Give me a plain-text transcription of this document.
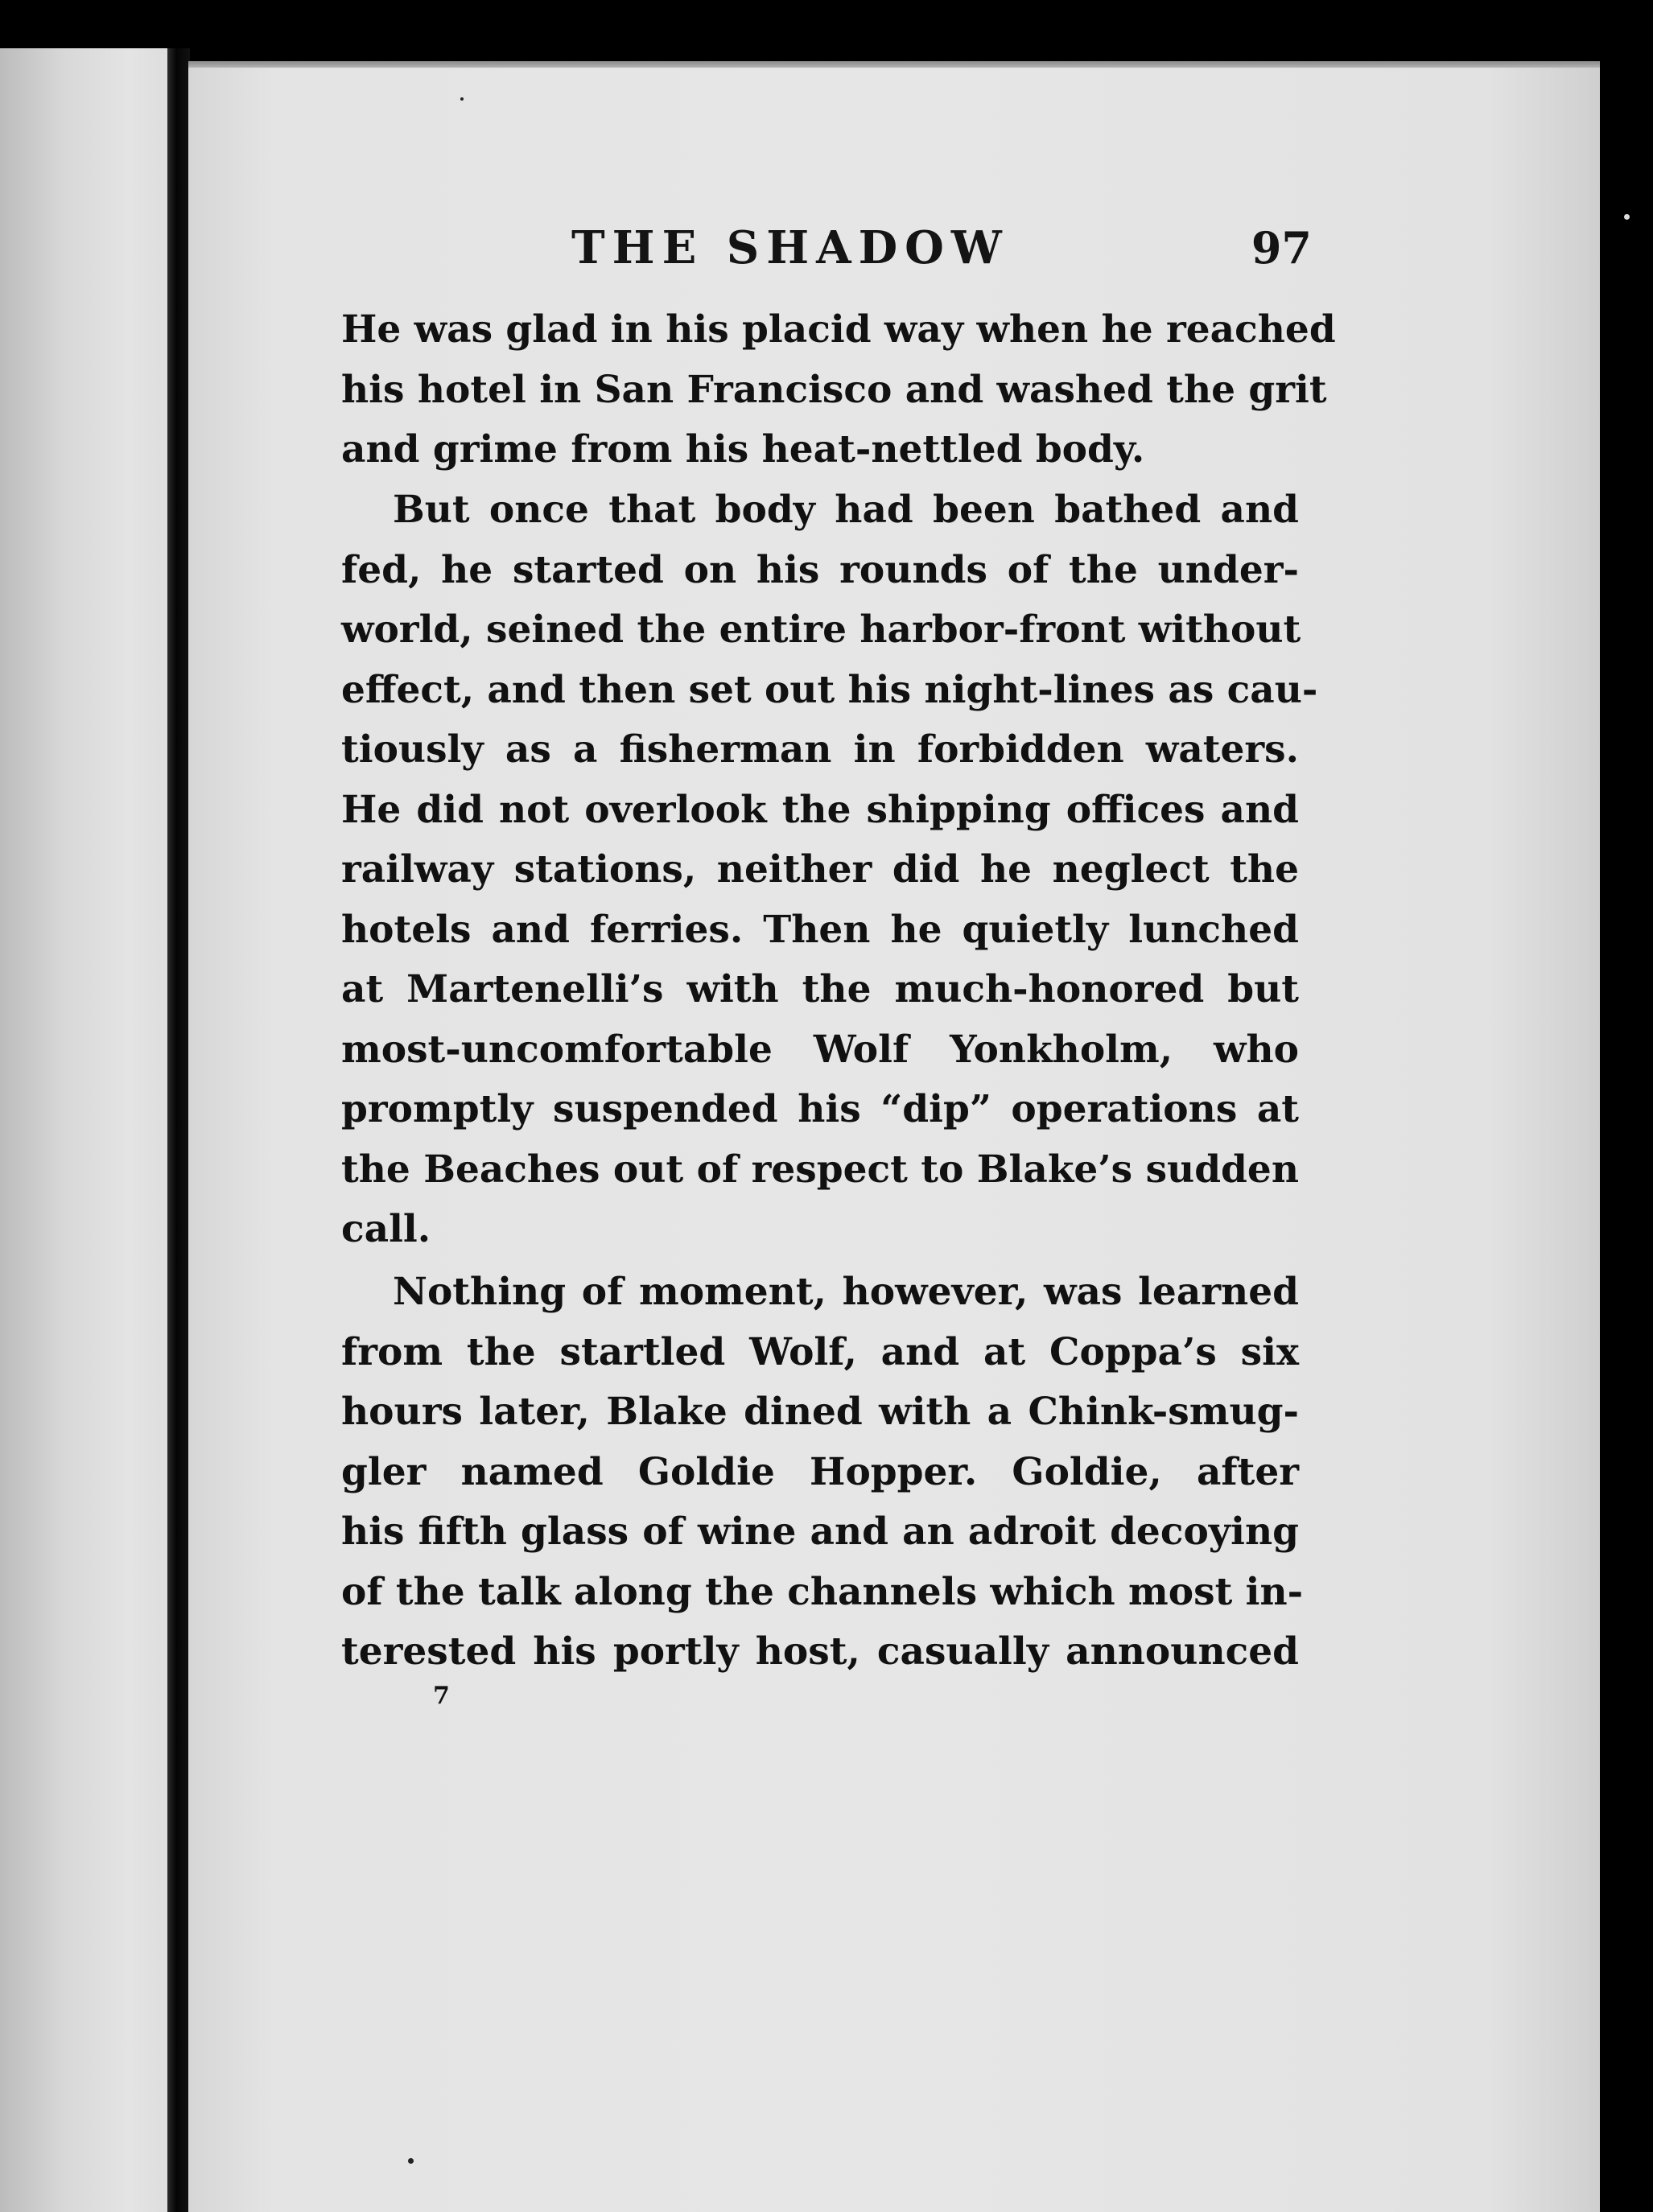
THE SHADOW	97
He was glad in his placid way when he reached
his hotel in San Francisco and washed the grit
and grime from his heat-nettled body.
But once that body had been bathed and
fed, he started on his rounds of the under-
world, seined the entire harbor-front without
effect, and then set out his night-lines as cau-
tiously as a fisherman in forbidden waters.
He did not overlook the shipping offices and
railway stations, neither did he neglect the
hotels and ferries. Then he quietly lunched
at Martenelli’s with the much-honored but
most-uncomfortable Wolf Yonkholm, who
promptly suspended his “dip” operations at
the Beaches out of respect to Blake’s sudden
call.
Nothing of moment, however, was learned
from the startled Wolf, and at Coppa’s six
hours later, Blake dined with a Chink-smug-
gler named Goldie Hopper. Goldie, after
his fifth glass of wine and an adroit decoying
of the talk along the channels which most in-
terested his portly host, casually announced
7
